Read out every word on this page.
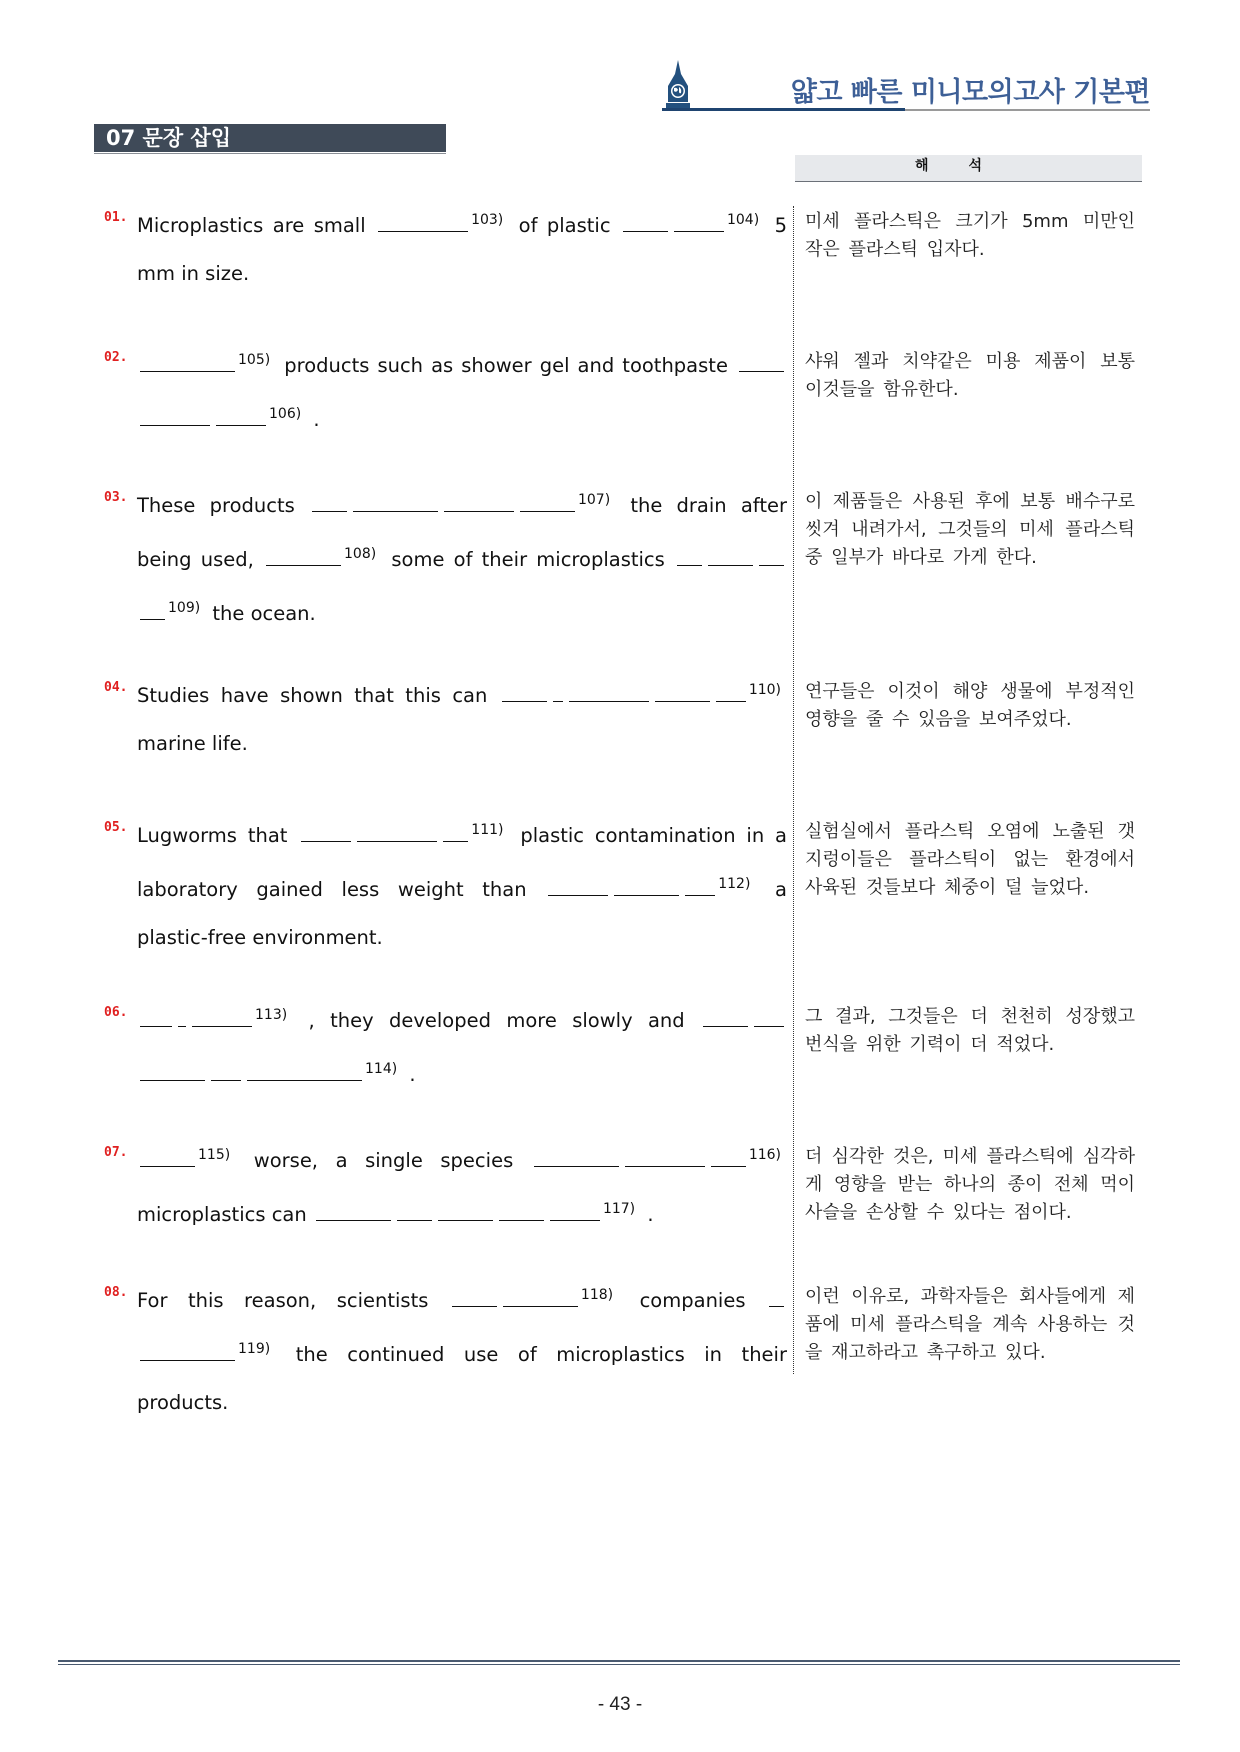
얇고 빠른 미니모의고사 기본편
07 문장 삽입
해석
01. Microplastics are small	$^{103)}$ of plastic	$^{104)}$ 5 mm in size.
미세 플라스틱은 크기가 5mm 미만인 작은 플라스틱 입자다.
02.	$^{105)}$ products such as shower gel and toothpaste $^{106)}$ .
샤워 젤과 치약같은 미용 제품이 보통 이것들을 함유한다.
03. These products	$^{107)}$ the drain after being used,	$^{108)}$ some of their microplastics $^{109)}$ the ocean.
이 제품들은 사용된 후에 보통 배수구로 씻겨 내려가서, 그것들의 미세 플라스틱 중 일부가 바다로 가게 한다.
04. Studies have shown that this can	$^{110)}$ marine life.
연구들은 이것이 해양 생물에 부정적인 영향을 줄 수 있음을 보여주었다.
05. Lugworms that	$^{111)}$ plastic contamination in a laboratory gained less weight than	$^{112)}$ a plastic-free environment.
실험실에서 플라스틱 오염에 노출된 갯지렁이들은 플라스틱이 없는 환경에서 사육된 것들보다 체중이 덜 늘었다.
06.	$^{113)}$ , they developed more slowly and $^{114)}$ .
그 결과, 그것들은 더 천천히 성장했고 번식을 위한 기력이 더 적었다.
07.	$^{115)}$ worse, a single species	$^{116)}$ microplastics can	$^{117)}$ .
더 심각한 것은, 미세 플라스틱에 심각하게 영향을 받는 하나의 종이 전체 먹이 사슬을 손상할 수 있다는 점이다.
08. For this reason, scientists	$^{118)}$ companies $^{119)}$ the continued use of microplastics in their products.
이런 이유로, 과학자들은 회사들에게 제품에 미세 플라스틱을 계속 사용하는 것을 재고하라고 촉구하고 있다.
- 43 -
